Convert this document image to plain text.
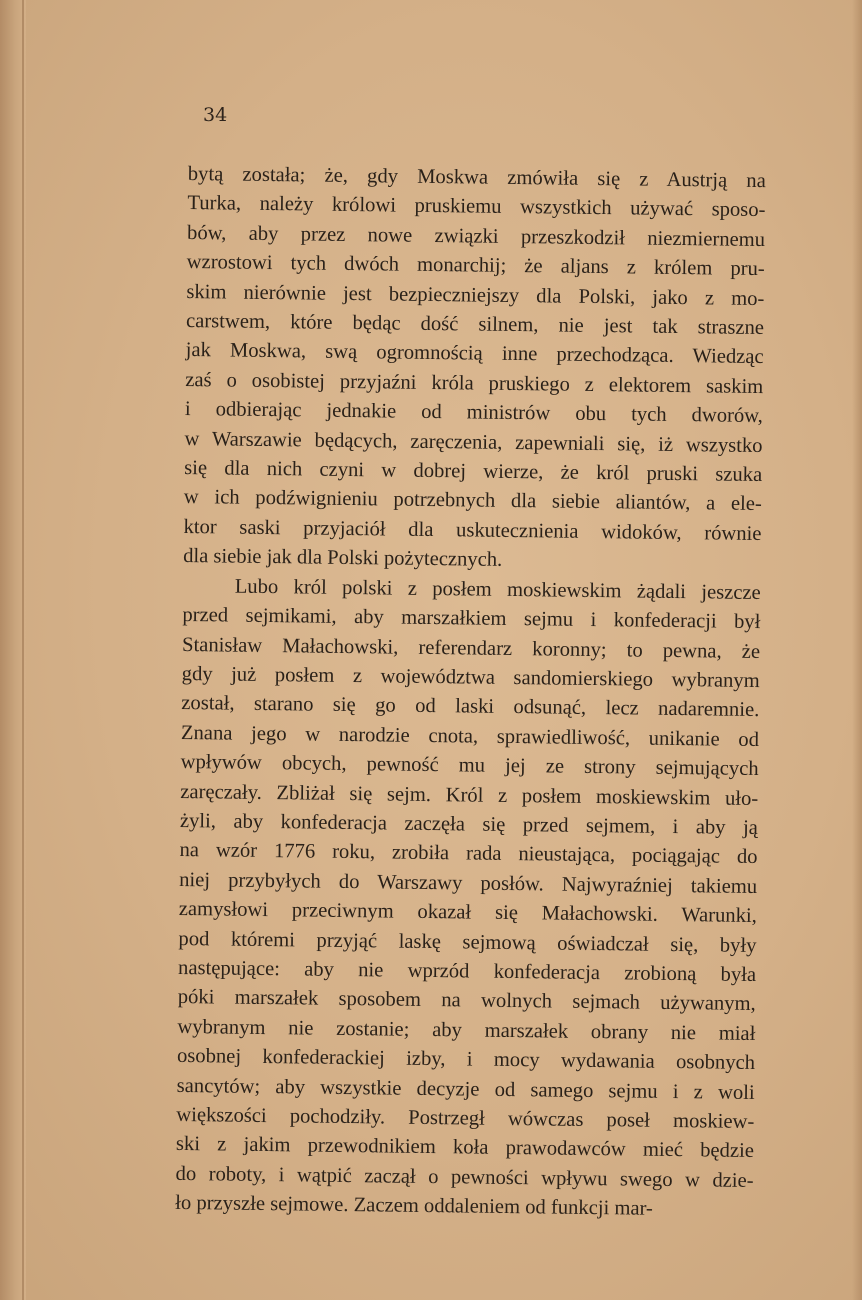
34
bytą została; że, gdy Moskwa zmówiła się z Austrją na
Turka, należy królowi pruskiemu wszystkich używać sposo-
bów, aby przez nowe związki przeszkodził niezmiernemu
wzrostowi tych dwóch monarchij; że aljans z królem pru-
skim nierównie jest bezpieczniejszy dla Polski, jako z mo-
carstwem, które będąc dość silnem, nie jest tak straszne
jak Moskwa, swą ogromnością inne przechodząca. Wiedząc
zaś o osobistej przyjaźni króla pruskiego z elektorem saskim
i odbierając jednakie od ministrów obu tych dworów,
w Warszawie będących, zaręczenia, zapewniali się, iż wszystko
się dla nich czyni w dobrej wierze, że król pruski szuka
w ich podźwignieniu potrzebnych dla siebie aliantów, a ele-
ktor saski przyjaciół dla uskutecznienia widoków, równie
dla siebie jak dla Polski pożytecznych.
Lubo król polski z posłem moskiewskim żądali jeszcze
przed sejmikami, aby marszałkiem sejmu i konfederacji był
Stanisław Małachowski, referendarz koronny; to pewna, że
gdy już posłem z województwa sandomierskiego wybranym
został, starano się go od laski odsunąć, lecz nadaremnie.
Znana jego w narodzie cnota, sprawiedliwość, unikanie od
wpływów obcych, pewność mu jej ze strony sejmujących
zaręczały. Zbliżał się sejm. Król z posłem moskiewskim uło-
żyli, aby konfederacja zaczęła się przed sejmem, i aby ją
na wzór 1776 roku, zrobiła rada nieustająca, pociągając do
niej przybyłych do Warszawy posłów. Najwyraźniej takiemu
zamysłowi przeciwnym okazał się Małachowski. Warunki,
pod któremi przyjąć laskę sejmową oświadczał się, były
następujące: aby nie wprzód konfederacja zrobioną była
póki marszałek sposobem na wolnych sejmach używanym,
wybranym nie zostanie; aby marszałek obrany nie miał
osobnej konfederackiej izby, i mocy wydawania osobnych
sancytów; aby wszystkie decyzje od samego sejmu i z woli
większości pochodziły. Postrzegł wówczas poseł moskiew-
ski z jakim przewodnikiem koła prawodawców mieć będzie
do roboty, i wątpić zaczął o pewności wpływu swego w dzie-
ło przyszłe sejmowe. Zaczem oddaleniem od funkcji mar-
